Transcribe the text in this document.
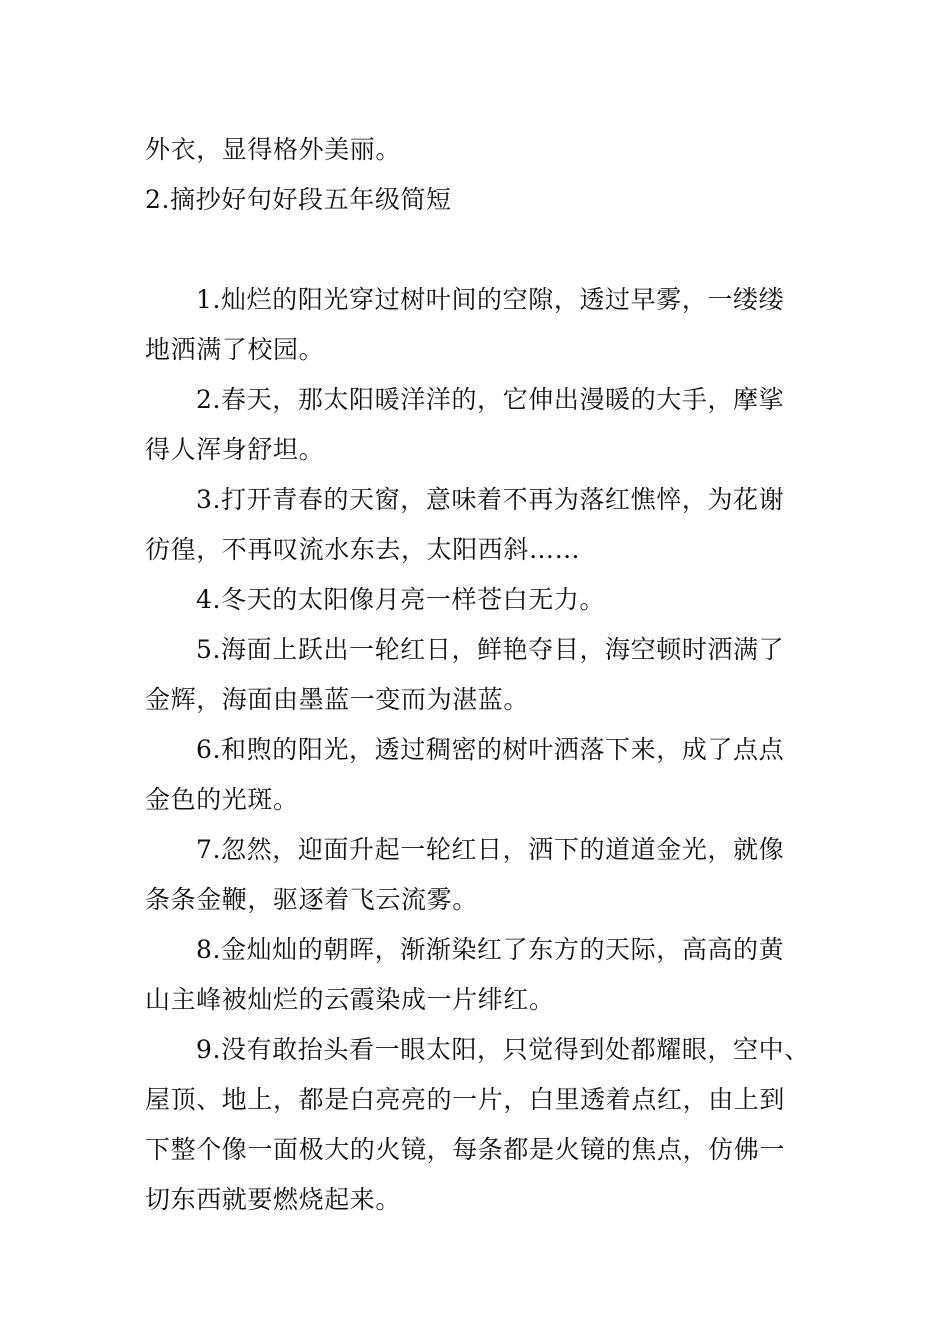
外衣，显得格外美丽。
2.摘抄好句好段五年级简短
1.灿烂的阳光穿过树叶间的空隙，透过早雾，一缕缕
地洒满了校园。
2.春天，那太阳暖洋洋的，它伸出漫暖的大手，摩挲
得人浑身舒坦。
3.打开青春的天窗，意味着不再为落红憔悴，为花谢
彷徨，不再叹流水东去，太阳西斜……
4.冬天的太阳像月亮一样苍白无力。
5.海面上跃出一轮红日，鲜艳夺目，海空顿时洒满了
金辉，海面由墨蓝一变而为湛蓝。
6.和煦的阳光，透过稠密的树叶洒落下来，成了点点
金色的光斑。
7.忽然，迎面升起一轮红日，洒下的道道金光，就像
条条金鞭，驱逐着飞云流雾。
8.金灿灿的朝晖，渐渐染红了东方的天际，高高的黄
山主峰被灿烂的云霞染成一片绯红。
9.没有敢抬头看一眼太阳，只觉得到处都耀眼，空中、
屋顶、地上，都是白亮亮的一片，白里透着点红，由上到
下整个像一面极大的火镜，每条都是火镜的焦点，仿佛一
切东西就要燃烧起来。
